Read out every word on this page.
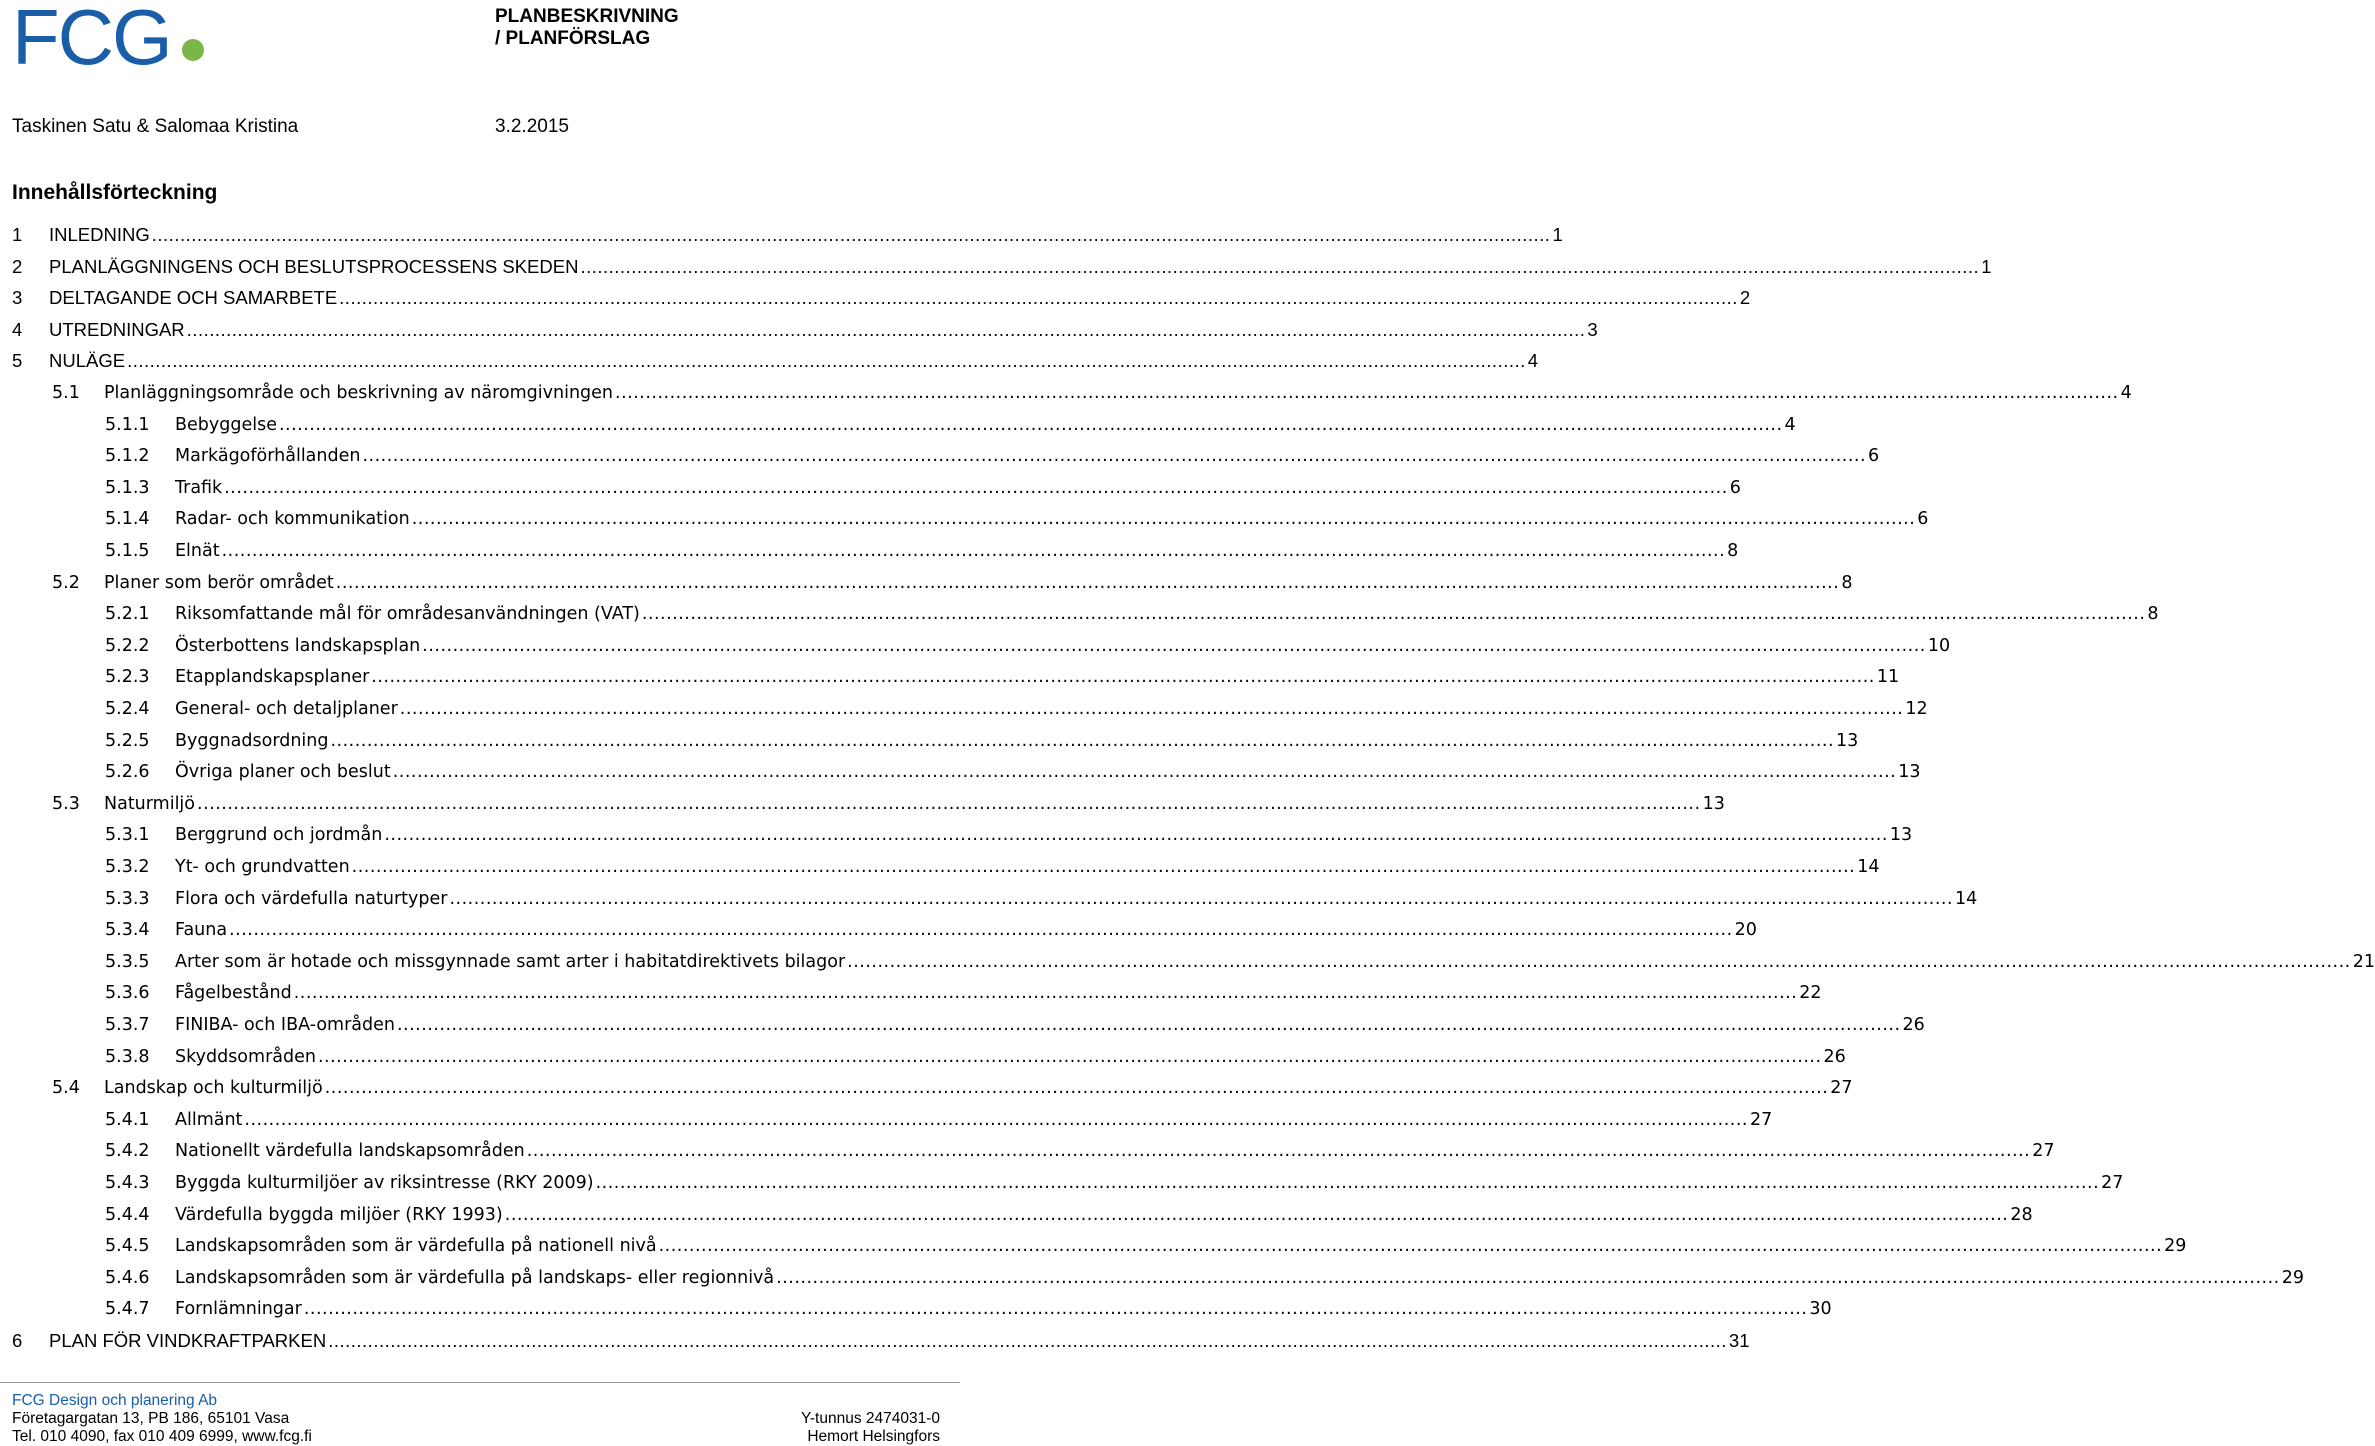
FCG	PLANBESKRIVNING
/ PLANFÖRSLAG
Taskinen Satu & Salomaa Kristina	3.2.2015
Innehållsförteckning
1	INLEDNING .....	1
2	PLANLÄGGNINGENS OCH BESLUTSPROCESSENS SKEDEN .....	1
3	DELTAGANDE OCH SAMARBETE .....	2
4	UTREDNINGAR .....	3
5	NULÄGE .....	4
5.1	Planläggningsområde och beskrivning av näromgivningen .....	4
5.1.1	Bebyggelse .....	4
5.1.2	Markägoförhållanden .....	6
5.1.3	Trafik .....	6
5.1.4	Radar- och kommunikation .....	6
5.1.5	Elnät .....	8
5.2	Planer som berör området .....	8
5.2.1	Riksomfattande mål för områdesanvändningen (VAT) .....	8
5.2.2	Österbottens landskapsplan .....	10
5.2.3	Etapplandskapsplaner .....	11
5.2.4	General- och detaljplaner .....	12
5.2.5	Byggnadsordning .....	13
5.2.6	Övriga planer och beslut .....	13
5.3	Naturmiljö .....	13
5.3.1	Berggrund och jordmån .....	13
5.3.2	Yt- och grundvatten .....	14
5.3.3	Flora och värdefulla naturtyper .....	14
5.3.4	Fauna .....	20
5.3.5	Arter som är hotade och missgynnade samt arter i habitatdirektivets bilagor .....	21
5.3.6	Fågelbestånd .....	22
5.3.7	FINIBA- och IBA-områden .....	26
5.3.8	Skyddsområden .....	26
5.4	Landskap och kulturmiljö .....	27
5.4.1	Allmänt .....	27
5.4.2	Nationellt värdefulla landskapsområden .....	27
5.4.3	Byggda kulturmiljöer av riksintresse (RKY 2009) .....	27
5.4.4	Värdefulla byggda miljöer (RKY 1993) .....	28
5.4.5	Landskapsområden som är värdefulla på nationell nivå .....	29
5.4.6	Landskapsområden som är värdefulla på landskaps- eller regionnivå .....	29
5.4.7	Fornlämningar .....	30
6	PLAN FÖR VINDKRAFTPARKEN .....	31
FCG Design och planering Ab
Företagargatan 13, PB 186, 65101 Vasa	Y-tunnus 2474031-0
Tel. 010 4090, fax 010 409 6999, www.fcg.fi	Hemort Helsingfors
